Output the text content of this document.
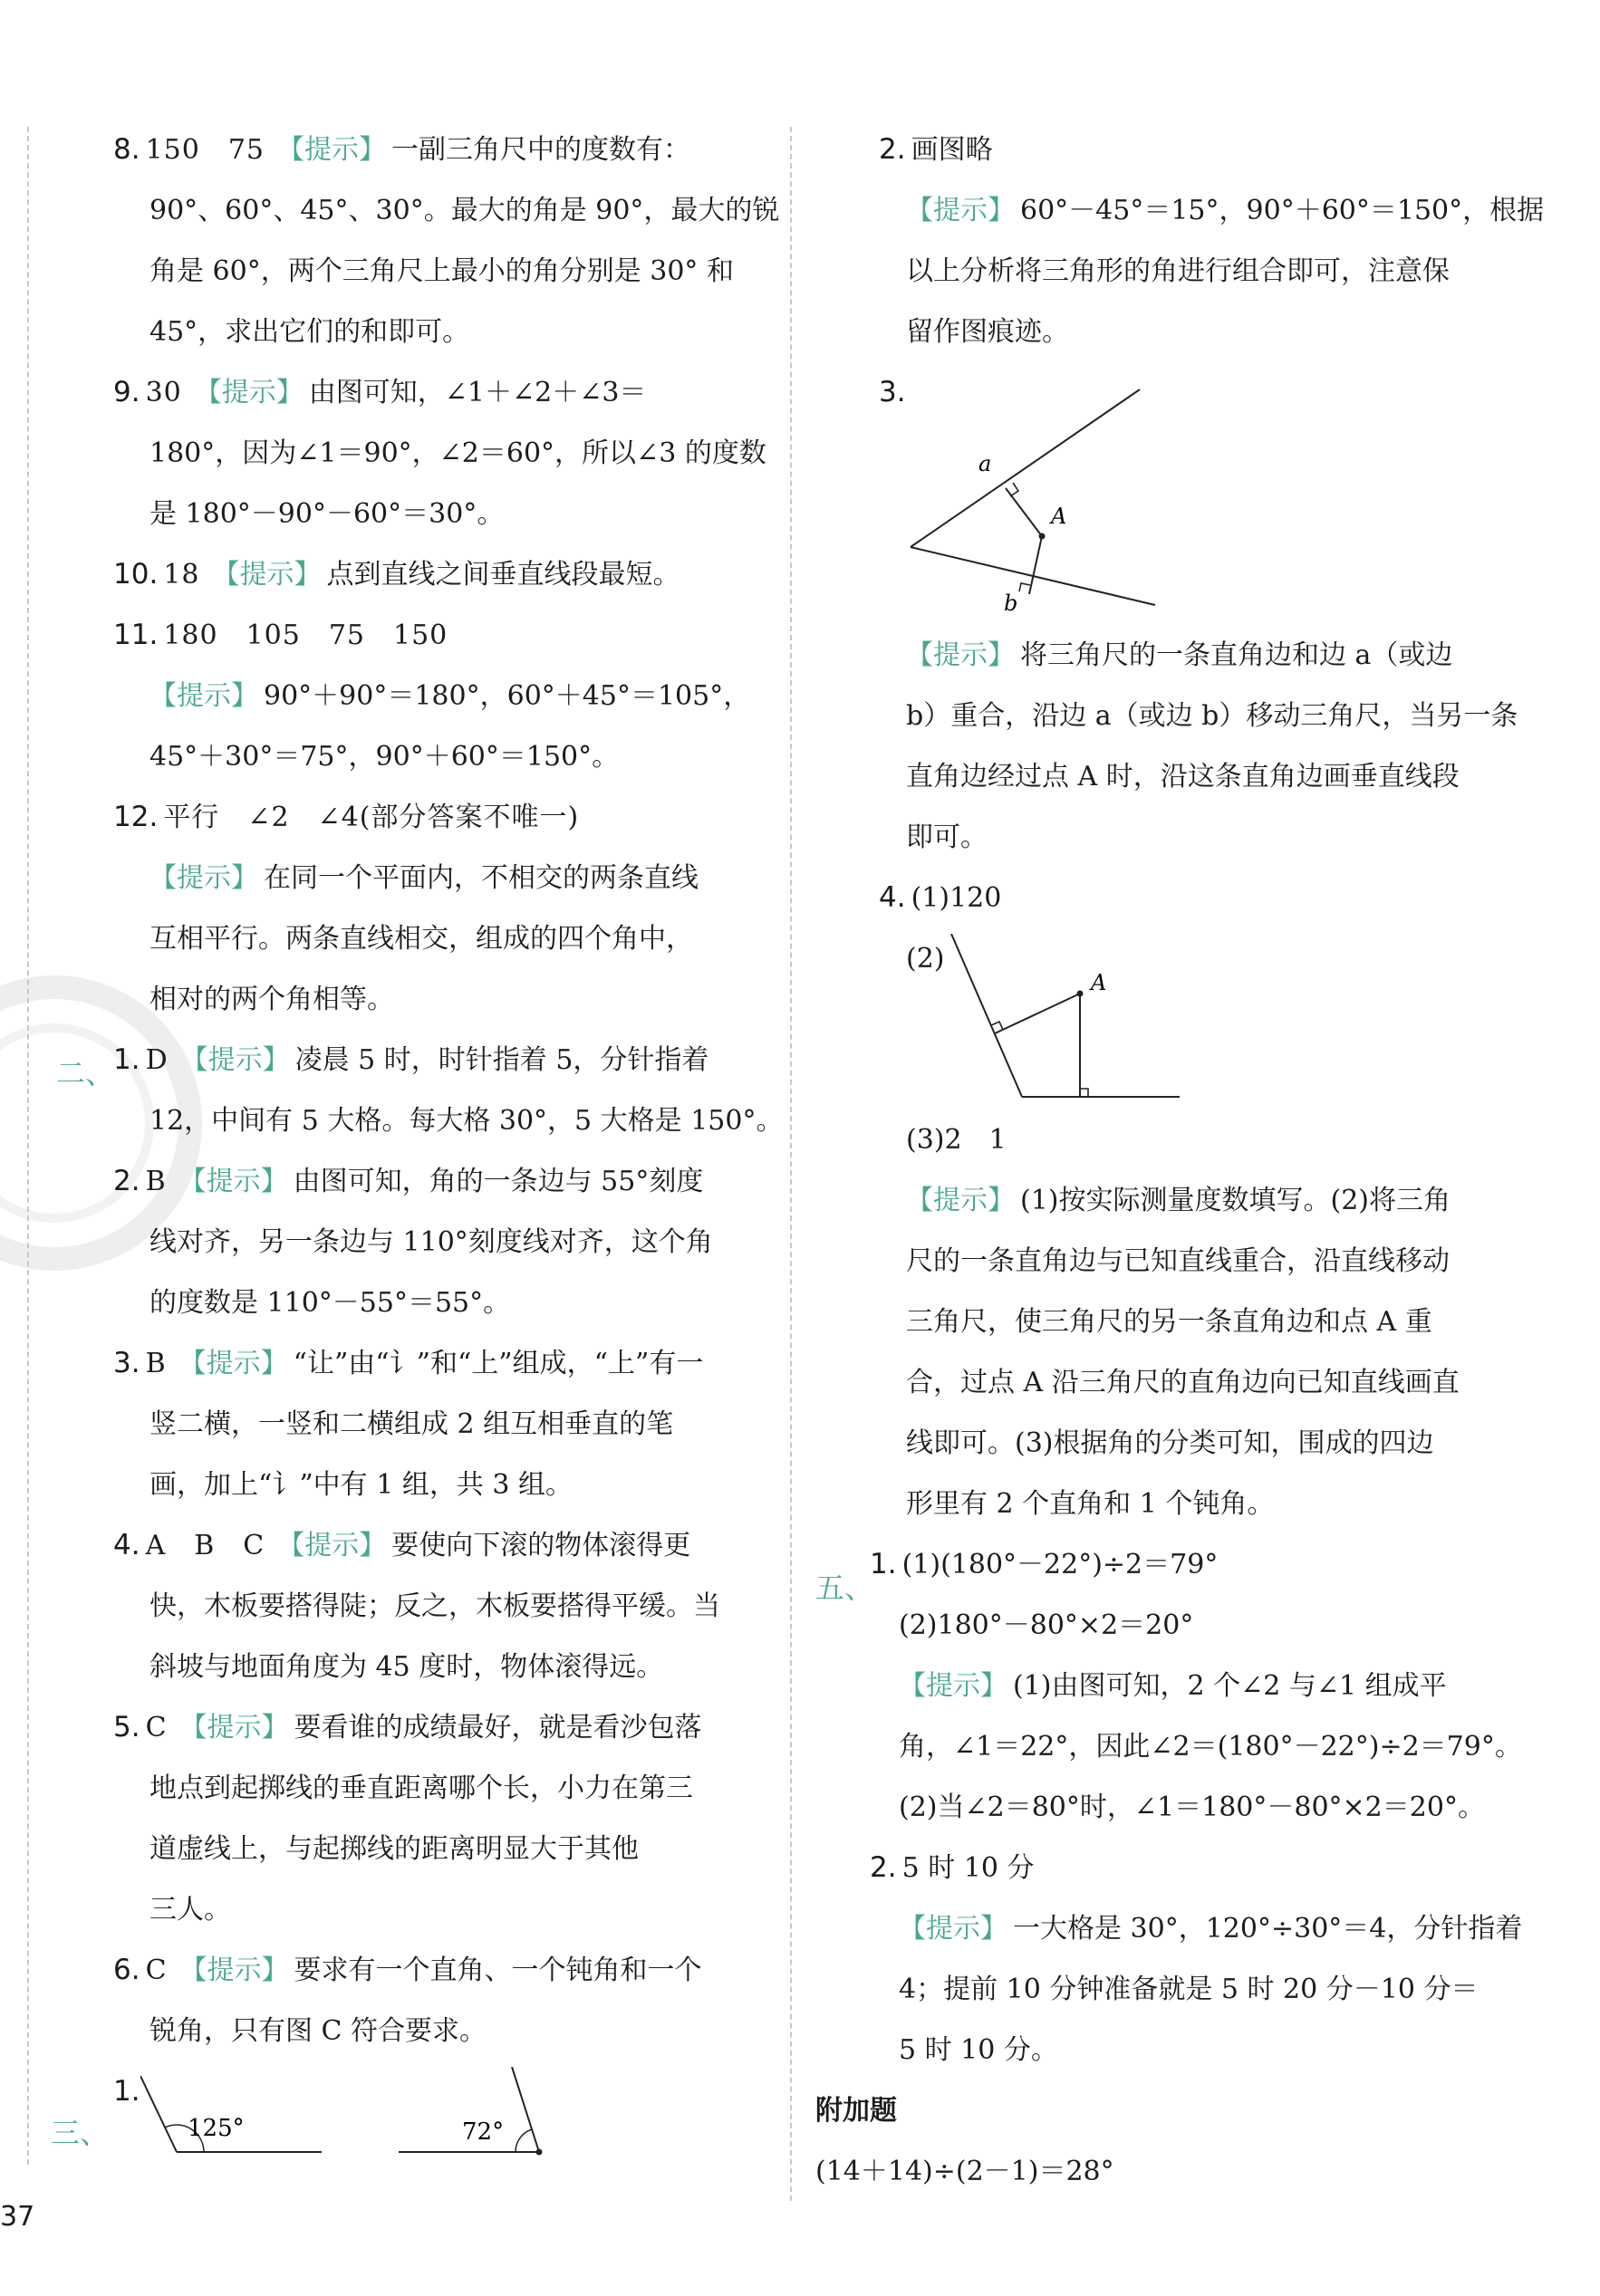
二、
三、
五、
8. 150　75 【提示】 一副三角尺中的度数有：
90°、60°、45°、30°。最大的角是 90°，最大的锐
角是 60°，两个三角尺上最小的角分别是 30° 和
45°，求出它们的和即可。
9. 30 【提示】 由图可知，∠1＋∠2＋∠3＝
180°，因为∠1＝90°，∠2＝60°，所以∠3 的度数
是 180°－90°－60°＝30°。
10. 18 【提示】 点到直线之间垂直线段最短。
11. 180　105　75　150
【提示】 90°＋90°＝180°，60°＋45°＝105°，
45°＋30°＝75°，90°＋60°＝150°。
12. 平行　∠2　∠4(部分答案不唯一)
【提示】 在同一个平面内，不相交的两条直线
互相平行。两条直线相交，组成的四个角中，
相对的两个角相等。
1. D 【提示】 凌晨 5 时，时针指着 5，分针指着
12，中间有 5 大格。每大格 30°，5 大格是 150°。
2. B 【提示】 由图可知，角的一条边与 55°刻度
线对齐，另一条边与 110°刻度线对齐，这个角
的度数是 110°－55°＝55°。
3. B 【提示】 “让”由“讠”和“上”组成，“上”有一
竖二横，一竖和二横组成 2 组互相垂直的笔
画，加上“讠”中有 1 组，共 3 组。
4. A　B　C 【提示】 要使向下滚的物体滚得更
快，木板要搭得陡；反之，木板要搭得平缓。当
斜坡与地面角度为 45 度时，物体滚得远。
5. C 【提示】 要看谁的成绩最好，就是看沙包落
地点到起掷线的垂直距离哪个长，小力在第三
道虚线上，与起掷线的距离明显大于其他
三人。
6. C 【提示】 要求有一个直角、一个钝角和一个
锐角，只有图 C 符合要求。
1.
125°	72°
2. 画图略
【提示】 60°－45°＝15°，90°＋60°＝150°，根据
以上分析将三角形的角进行组合即可，注意保
留作图痕迹。
3.
a
A
b
【提示】 将三角尺的一条直角边和边 a（或边
b）重合，沿边 a（或边 b）移动三角尺，当另一条
直角边经过点 A 时，沿这条直角边画垂直线段
即可。
4. (1)120
(2)
A
(3)2　1
【提示】 (1)按实际测量度数填写。(2)将三角
尺的一条直角边与已知直线重合，沿直线移动
三角尺，使三角尺的另一条直角边和点 A 重
合，过点 A 沿三角尺的直角边向已知直线画直
线即可。(3)根据角的分类可知，围成的四边
形里有 2 个直角和 1 个钝角。
1. (1)(180°－22°)÷2＝79°
(2)180°－80°×2＝20°
【提示】 (1)由图可知，2 个∠2 与∠1 组成平
角，∠1＝22°，因此∠2＝(180°－22°)÷2＝79°。
(2)当∠2＝80°时，∠1＝180°－80°×2＝20°。
2. 5 时 10 分
【提示】 一大格是 30°，120°÷30°＝4，分针指着
4；提前 10 分钟准备就是 5 时 20 分－10 分＝
5 时 10 分。
附加题
(14＋14)÷(2－1)＝28°
37
